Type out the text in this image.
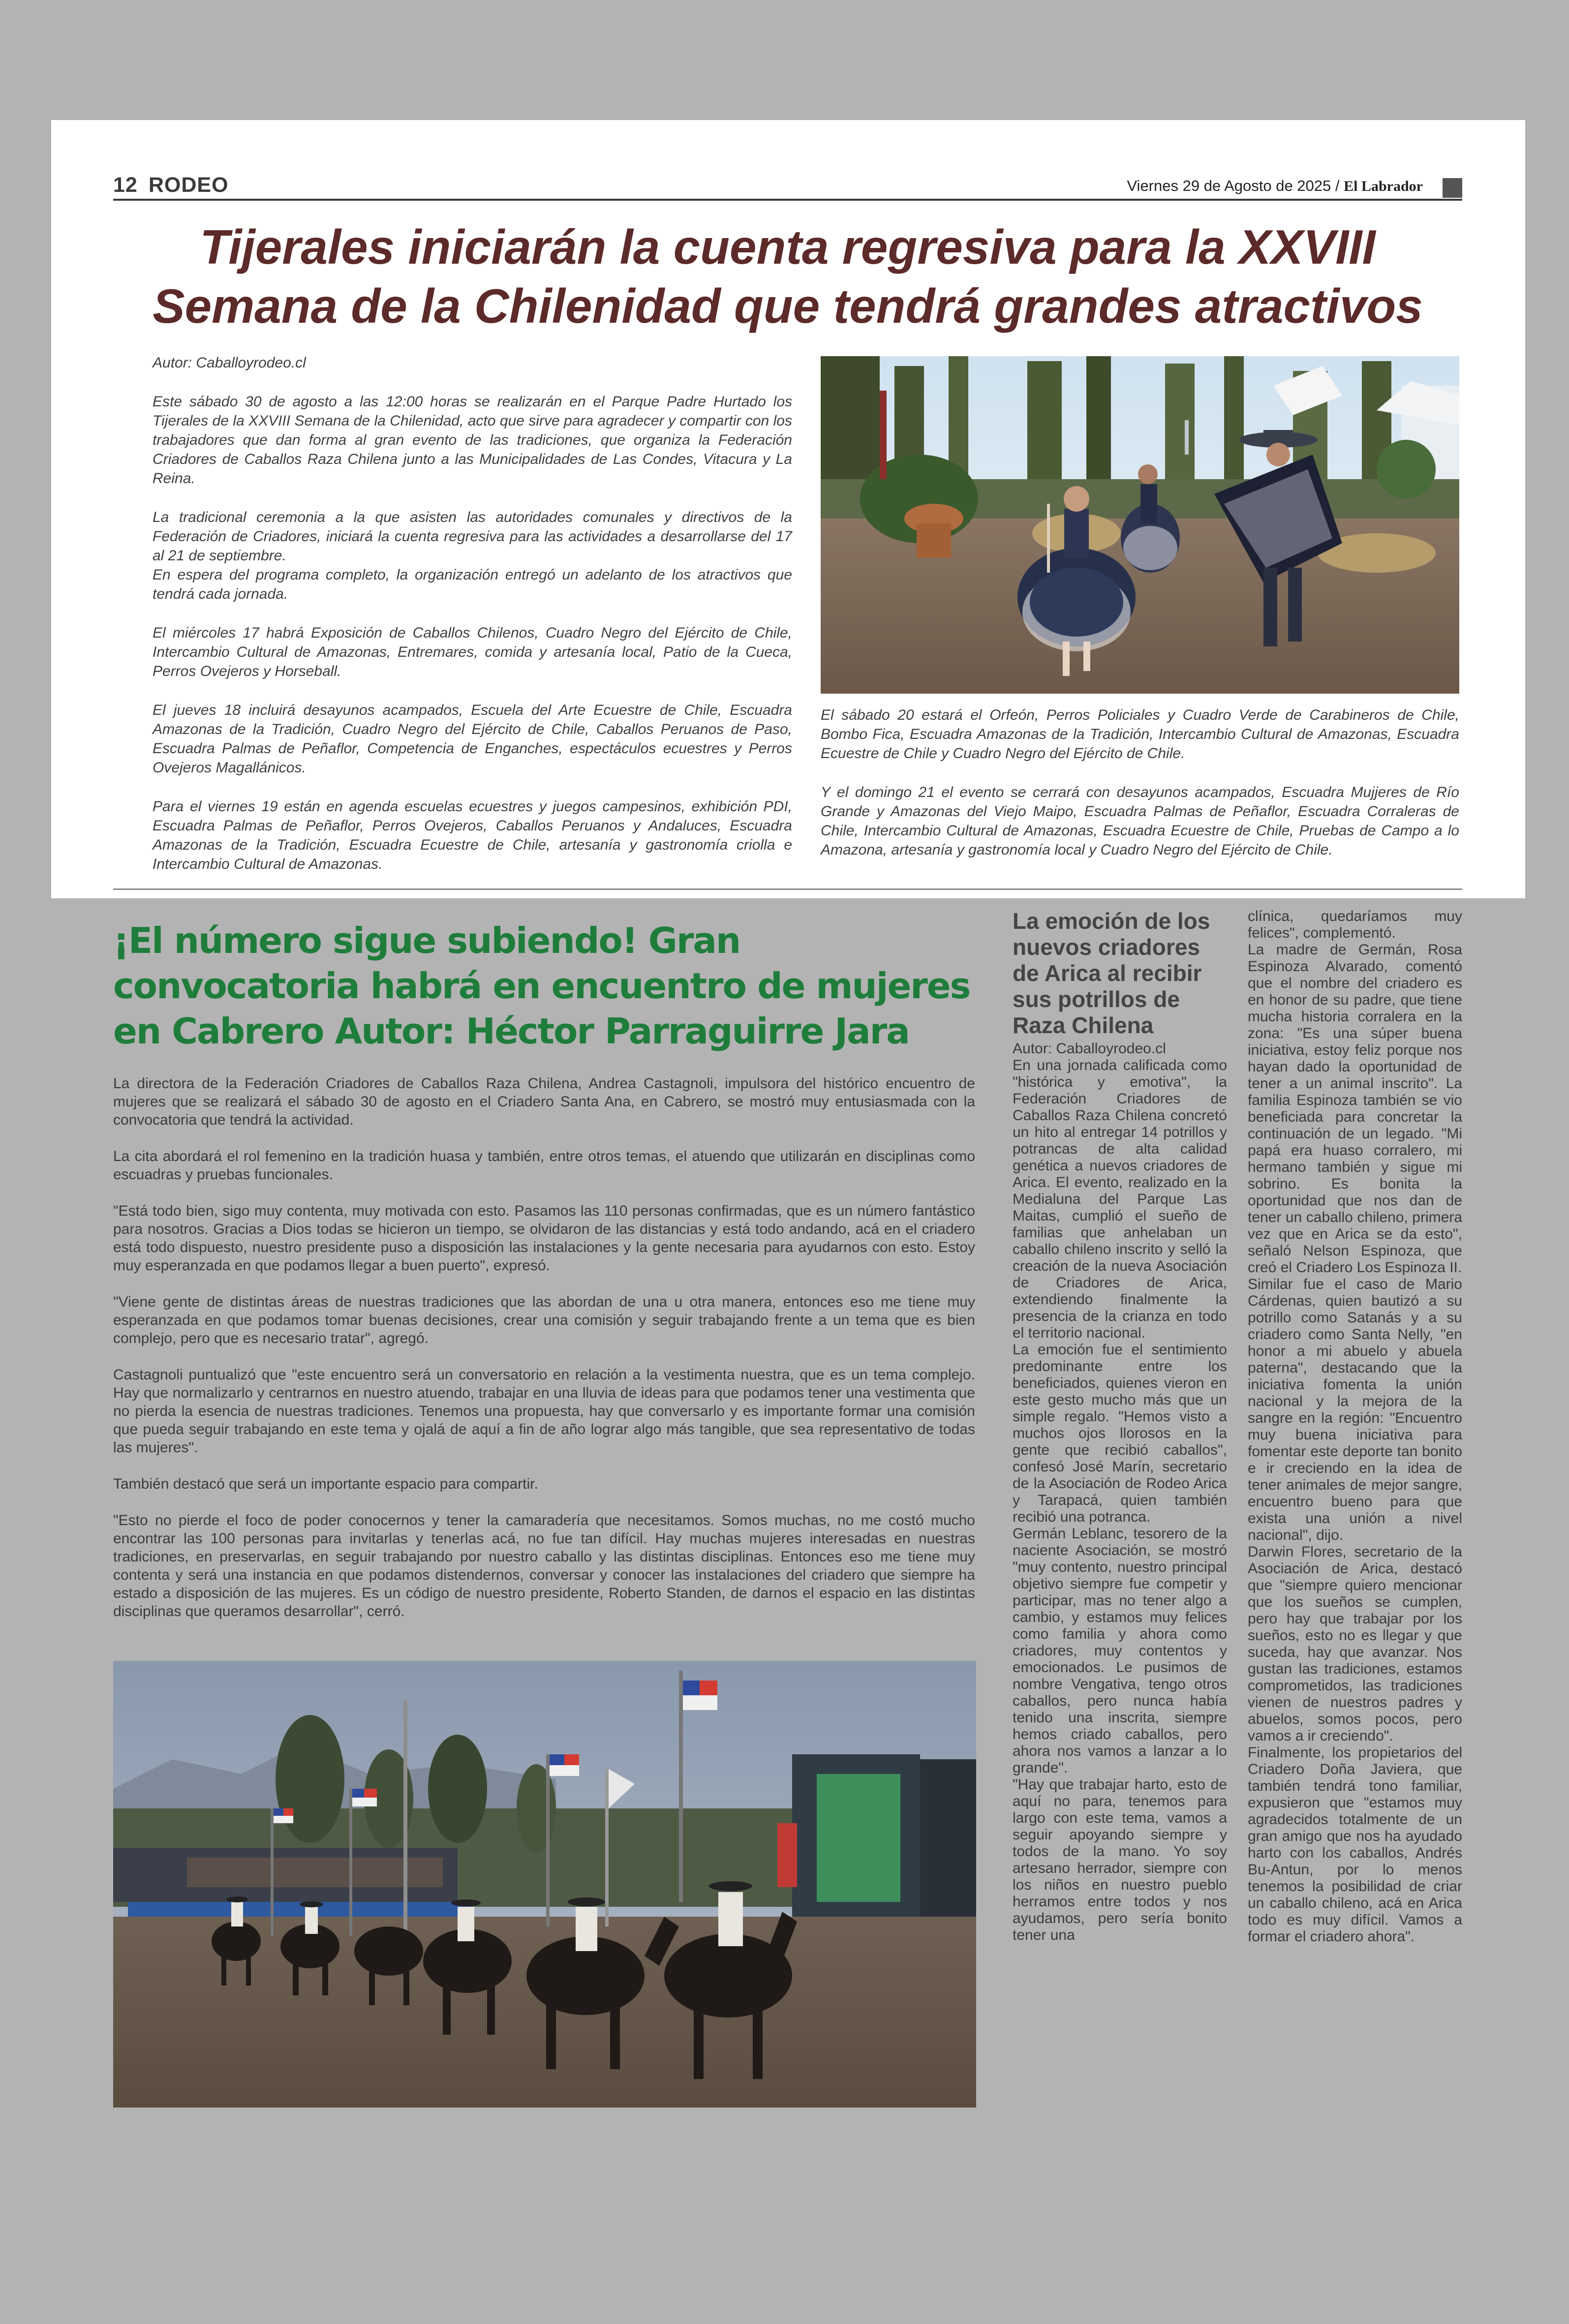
12 RODEO	Viernes 29 de Agosto de 2025 / El Labrador
Tijerales iniciarán la cuenta regresiva para la XXVIII Semana de la Chilenidad que tendrá grandes atractivos

Autor: Caballoyrodeo.cl

Este sábado 30 de agosto a las 12:00 horas se realizarán en el Parque Padre Hurtado los Tijerales de la XXVIII Semana de la Chilenidad, acto que sirve para agradecer y compartir con los trabajadores que dan forma al gran evento de las tradiciones, que organiza la Federación Criadores de Caballos Raza Chilena junto a las Municipalidades de Las Condes, Vitacura y La Reina.

La tradicional ceremonia a la que asisten las autoridades comunales y directivos de la Federación de Criadores, iniciará la cuenta regresiva para las actividades a desarrollarse del 17 al 21 de septiembre.

En espera del programa completo, la organización entregó un adelanto de los atractivos que tendrá cada jornada.

El miércoles 17 habrá Exposición de Caballos Chilenos, Cuadro Negro del Ejército de Chile, Intercambio Cultural de Amazonas, Entremares, comida y artesanía local, Patio de la Cueca, Perros Ovejeros y Horseball.

El jueves 18 incluirá desayunos acampados, Escuela del Arte Ecuestre de Chile, Escuadra Amazonas de la Tradición, Cuadro Negro del Ejército de Chile, Caballos Peruanos de Paso, Escuadra Palmas de Peñaflor, Competencia de Enganches, espectáculos ecuestres y Perros Ovejeros Magallánicos.

Para el viernes 19 están en agenda escuelas ecuestres y juegos campesinos, exhibición PDI, Escuadra Palmas de Peñaflor, Perros Ovejeros, Caballos Peruanos y Andaluces, Escuadra Amazonas de la Tradición, Escuadra Ecuestre de Chile, artesanía y gastronomía criolla e Intercambio Cultural de Amazonas.

El sábado 20 estará el Orfeón, Perros Policiales y Cuadro Verde de Carabineros de Chile, Bombo Fica, Escuadra Amazonas de la Tradición, Intercambio Cultural de Amazonas, Escuadra Ecuestre de Chile y Cuadro Negro del Ejército de Chile.

Y el domingo 21 el evento se cerrará con desayunos acampados, Escuadra Mujjeres de Río Grande y Amazonas del Viejo Maipo, Escuadra Palmas de Peñaflor, Escuadra Corraleras de Chile, Intercambio Cultural de Amazonas, Escuadra Ecuestre de Chile, Pruebas de Campo a lo Amazona, artesanía y gastronomía local y Cuadro Negro del Ejército de Chile.

¡El número sigue subiendo! Gran convocatoria habrá en encuentro de mujeres en Cabrero Autor: Héctor Parraguirre Jara

La directora de la Federación Criadores de Caballos Raza Chilena, Andrea Castagnoli, impulsora del histórico encuentro de mujeres que se realizará el sábado 30 de agosto en el Criadero Santa Ana, en Cabrero, se mostró muy entusiasmada con la convocatoria que tendrá la actividad.

La cita abordará el rol femenino en la tradición huasa y también, entre otros temas, el atuendo que utilizarán en disciplinas como escuadras y pruebas funcionales.

"Está todo bien, sigo muy contenta, muy motivada con esto. Pasamos las 110 personas confirmadas, que es un número fantástico para nosotros. Gracias a Dios todas se hicieron un tiempo, se olvidaron de las distancias y está todo andando, acá en el criadero está todo dispuesto, nuestro presidente puso a disposición las instalaciones y la gente necesaria para ayudarnos con esto. Estoy muy esperanzada en que podamos llegar a buen puerto", expresó.

"Viene gente de distintas áreas de nuestras tradiciones que las abordan de una u otra manera, entonces eso me tiene muy esperanzada en que podamos tomar buenas decisiones, crear una comisión y seguir trabajando frente a un tema que es bien complejo, pero que es necesario tratar", agregó.

Castagnoli puntualizó que "este encuentro será un conversatorio en relación a la vestimenta nuestra, que es un tema complejo. Hay que normalizarlo y centrarnos en nuestro atuendo, trabajar en una lluvia de ideas para que podamos tener una vestimenta que no pierda la esencia de nuestras tradiciones. Tenemos una propuesta, hay que conversarlo y es importante formar una comisión que pueda seguir trabajando en este tema y ojalá de aquí a fin de año lograr algo más tangible, que sea representativo de todas las mujeres".

También destacó que será un importante espacio para compartir.

"Esto no pierde el foco de poder conocernos y tener la camaradería que necesitamos. Somos muchas, no me costó mucho encontrar las 100 personas para invitarlas y tenerlas acá, no fue tan difícil. Hay muchas mujeres interesadas en nuestras tradiciones, en preservarlas, en seguir trabajando por nuestro caballo y las distintas disciplinas. Entonces eso me tiene muy contenta y será una instancia en que podamos distendernos, conversar y conocer las instalaciones del criadero que siempre ha estado a disposición de las mujeres. Es un código de nuestro presidente, Roberto Standen, de darnos el espacio en las distintas disciplinas que queramos desarrollar", cerró.

La emoción de los nuevos criadores de Arica al recibir sus potrillos de Raza Chilena

Autor: Caballoyrodeo.cl

En una jornada calificada como "histórica y emotiva", la Federación Criadores de Caballos Raza Chilena concretó un hito al entregar 14 potrillos y potrancas de alta calidad genética a nuevos criadores de Arica. El evento, realizado en la Medialuna del Parque Las Maitas, cumplió el sueño de familias que anhelaban un caballo chileno inscrito y selló la creación de la nueva Asociación de Criadores de Arica, extendiendo finalmente la presencia de la crianza en todo el territorio nacional.

La emoción fue el sentimiento predominante entre los beneficiados, quienes vieron en este gesto mucho más que un simple regalo. "Hemos visto a muchos ojos llorosos en la gente que recibió caballos", confesó José Marín, secretario de la Asociación de Rodeo Arica y Tarapacá, quien también recibió una potranca.

Germán Leblanc, tesorero de la naciente Asociación, se mostró "muy contento, nuestro principal objetivo siempre fue competir y participar, mas no tener algo a cambio, y estamos muy felices como familia y ahora como criadores, muy contentos y emocionados. Le pusimos de nombre Vengativa, tengo otros caballos, pero nunca había tenido una inscrita, siempre hemos criado caballos, pero ahora nos vamos a lanzar a lo grande".

"Hay que trabajar harto, esto de aquí no para, tenemos para largo con este tema, vamos a seguir apoyando siempre y todos de la mano. Yo soy artesano herrador, siempre con los niños en nuestro pueblo herramos entre todos y nos ayudamos, pero sería bonito tener una

clínica, quedaríamos muy felices", complementó.

La madre de Germán, Rosa Espinoza Alvarado, comentó que el nombre del criadero es en honor de su padre, que tiene mucha historia corralera en la zona: "Es una súper buena iniciativa, estoy feliz porque nos hayan dado la oportunidad de tener a un animal inscrito". La familia Espinoza también se vio beneficiada para concretar la continuación de un legado. "Mi papá era huaso corralero, mi hermano también y sigue mi sobrino. Es bonita la oportunidad que nos dan de tener un caballo chileno, primera vez que en Arica se da esto", señaló Nelson Espinoza, que creó el Criadero Los Espinoza II.

Similar fue el caso de Mario Cárdenas, quien bautizó a su potrillo como Satanás y a su criadero como Santa Nelly, "en honor a mi abuelo y abuela paterna", destacando que la iniciativa fomenta la unión nacional y la mejora de la sangre en la región: "Encuentro muy buena iniciativa para fomentar este deporte tan bonito e ir creciendo en la idea de tener animales de mejor sangre, encuentro bueno para que exista una unión a nivel nacional", dijo.

Darwin Flores, secretario de la Asociación de Arica, destacó que "siempre quiero mencionar que los sueños se cumplen, pero hay que trabajar por los sueños, esto no es llegar y que suceda, hay que avanzar. Nos gustan las tradiciones, estamos comprometidos, las tradiciones vienen de nuestros padres y abuelos, somos pocos, pero vamos a ir creciendo".

Finalmente, los propietarios del Criadero Doña Javiera, que también tendrá tono familiar, expusieron que "estamos muy agradecidos totalmente de un gran amigo que nos ha ayudado harto con los caballos, Andrés Bu-Antun, por lo menos tenemos la posibilidad de criar un caballo chileno, acá en Arica todo es muy difícil. Vamos a formar el criadero ahora".
